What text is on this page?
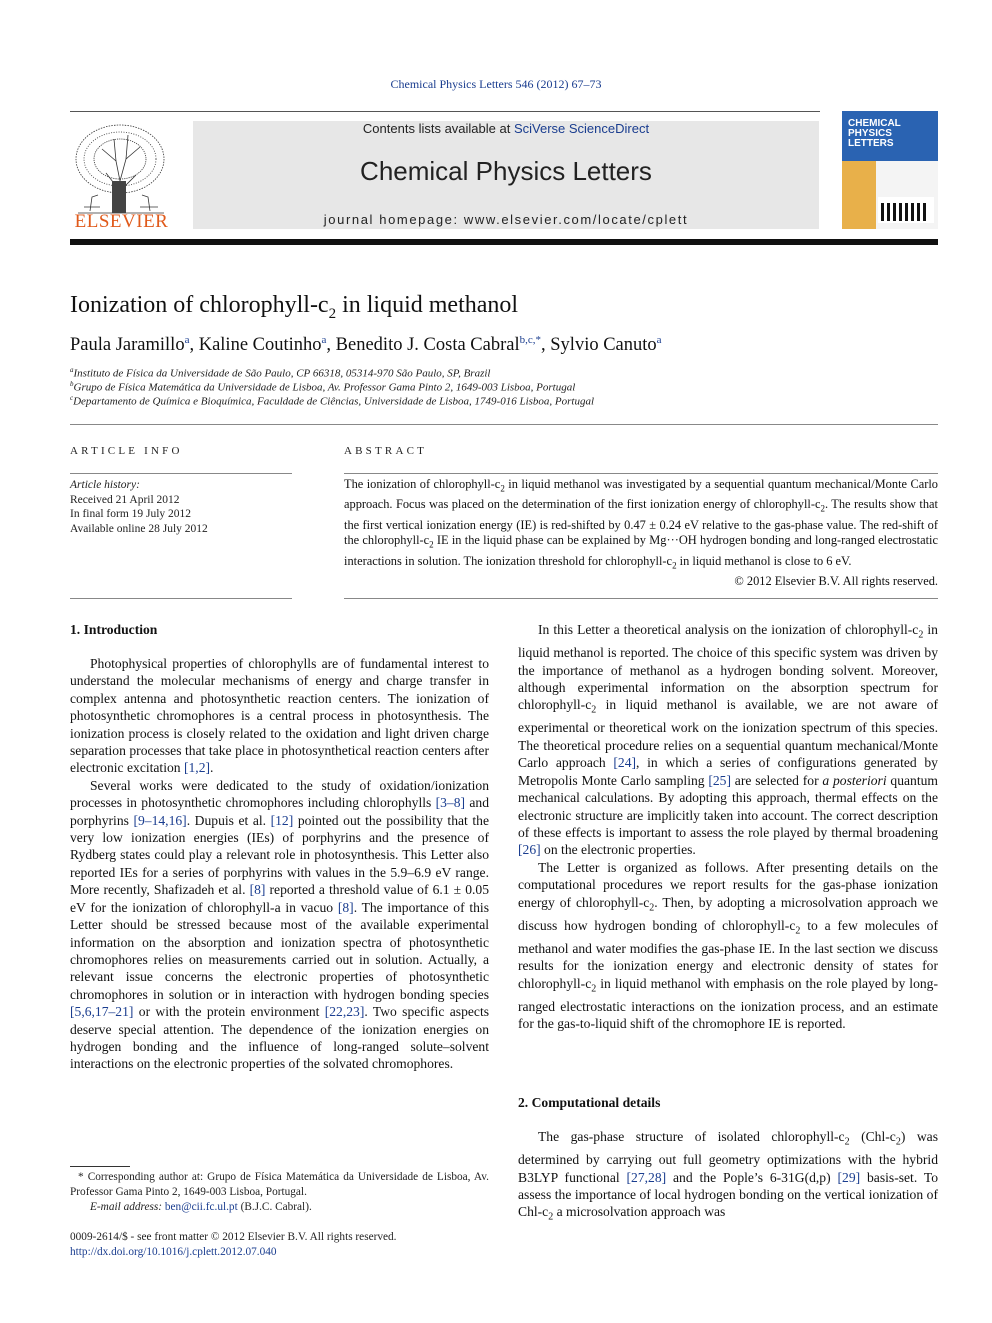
Chemical Physics Letters 546 (2012) 67–73
ELSEVIER
Contents lists available at SciVerse ScienceDirect
Chemical Physics Letters
journal homepage: www.elsevier.com/locate/cplett
CHEMICAL
PHYSICS
LETTERS
Ionization of chlorophyll-$c_2$ in liquid methanol
Paula Jaramillo$^a$, Kaline Coutinho$^a$, Benedito J. Costa Cabral$^{b,c,*}$, Sylvio Canuto$^a$
$^a$Instituto de Física da Universidade de São Paulo, CP 66318, 05314-970 São Paulo, SP, Brazil
$^b$Grupo de Física Matemática da Universidade de Lisboa, Av. Professor Gama Pinto 2, 1649-003 Lisboa, Portugal
$^c$Departamento de Química e Bioquímica, Faculdade de Ciências, Universidade de Lisboa, 1749-016 Lisboa, Portugal
ARTICLE INFO
Article history:
Received 21 April 2012
In final form 19 July 2012
Available online 28 July 2012
ABSTRACT
The ionization of chlorophyll-$c_2$ in liquid methanol was investigated by a sequential quantum mechanical/Monte Carlo approach. Focus was placed on the determination of the first ionization energy of chlorophyll-$c_2$. The results show that the first vertical ionization energy (IE) is red-shifted by 0.47 ± 0.24 eV relative to the gas-phase value. The red-shift of the chlorophyll-$c_2$ IE in the liquid phase can be explained by Mg···OH hydrogen bonding and long-ranged electrostatic interactions in solution. The ionization threshold for chlorophyll-$c_2$ in liquid methanol is close to 6 eV.
© 2012 Elsevier B.V. All rights reserved.
1. Introduction

Photophysical properties of chlorophylls are of fundamental interest to understand the molecular mechanisms of energy and charge transfer in complex antenna and photosynthetic reaction centers. The ionization of photosynthetic chromophores is a central process in photosynthesis. The ionization process is closely related to the oxidation and light driven charge separation processes that take place in photosynthetical reaction centers after electronic excitation [1,2].

Several works were dedicated to the study of oxidation/ionization processes in photosynthetic chromophores including chlorophylls [3–8] and porphyrins [9–14,16]. Dupuis et al. [12] pointed out the possibility that the very low ionization energies (IEs) of porphyrins and the presence of Rydberg states could play a relevant role in photosynthesis. This Letter also reported IEs for a series of porphyrins with values in the 5.9–6.9 eV range. More recently, Shafizadeh et al. [8] reported a threshold value of 6.1 ± 0.05 eV for the ionization of chlorophyll-a in vacuo [8]. The importance of this Letter should be stressed because most of the available experimental information on the absorption and ionization spectra of photosynthetic chromophores relies on measurements carried out in solution. Actually, a relevant issue concerns the electronic properties of photosynthetic chromophores in solution or in interaction with hydrogen bonding species [5,6,17–21] or with the protein environment [22,23]. Two specific aspects deserve special attention. The dependence of the ionization energies on hydrogen bonding and the influence of long-ranged solute–solvent interactions on the electronic properties of the solvated chromophores.

* Corresponding author at: Grupo de Física Matemática da Universidade de Lisboa, Av. Professor Gama Pinto 2, 1649-003 Lisboa, Portugal.
E-mail address: ben@cii.fc.ul.pt (B.J.C. Cabral).
0009-2614/$ - see front matter © 2012 Elsevier B.V. All rights reserved.
http://dx.doi.org/10.1016/j.cplett.2012.07.040

In this Letter a theoretical analysis on the ionization of chlorophyll-$c_2$ in liquid methanol is reported. The choice of this specific system was driven by the importance of methanol as a hydrogen bonding solvent. Moreover, although experimental information on the absorption spectrum for chlorophyll-$c_2$ in liquid methanol is available, we are not aware of experimental or theoretical work on the ionization spectrum of this species. The theoretical procedure relies on a sequential quantum mechanical/Monte Carlo approach [24], in which a series of configurations generated by Metropolis Monte Carlo sampling [25] are selected for a posteriori quantum mechanical calculations. By adopting this approach, thermal effects on the electronic structure are implicitly taken into account. The correct description of these effects is important to assess the role played by thermal broadening [26] on the electronic properties.

The Letter is organized as follows. After presenting details on the computational procedures we report results for the gas-phase ionization energy of chlorophyll-$c_2$. Then, by adopting a microsolvation approach we discuss how hydrogen bonding of chlorophyll-$c_2$ to a few molecules of methanol and water modifies the gas-phase IE. In the last section we discuss results for the ionization energy and electronic density of states for chlorophyll-$c_2$ in liquid methanol with emphasis on the role played by long-ranged electrostatic interactions on the ionization process, and an estimate for the gas-to-liquid shift of the chromophore IE is reported.

2. Computational details

The gas-phase structure of isolated chlorophyll-$c_2$ $(Chl-c_2)$ was determined by carrying out full geometry optimizations with the hybrid B3LYP functional [27,28] and the Pople’s 6-31G(d,p) [29] basis-set. To assess the importance of local hydrogen bonding on the vertical ionization of Chl-$c_2$ a microsolvation approach was
